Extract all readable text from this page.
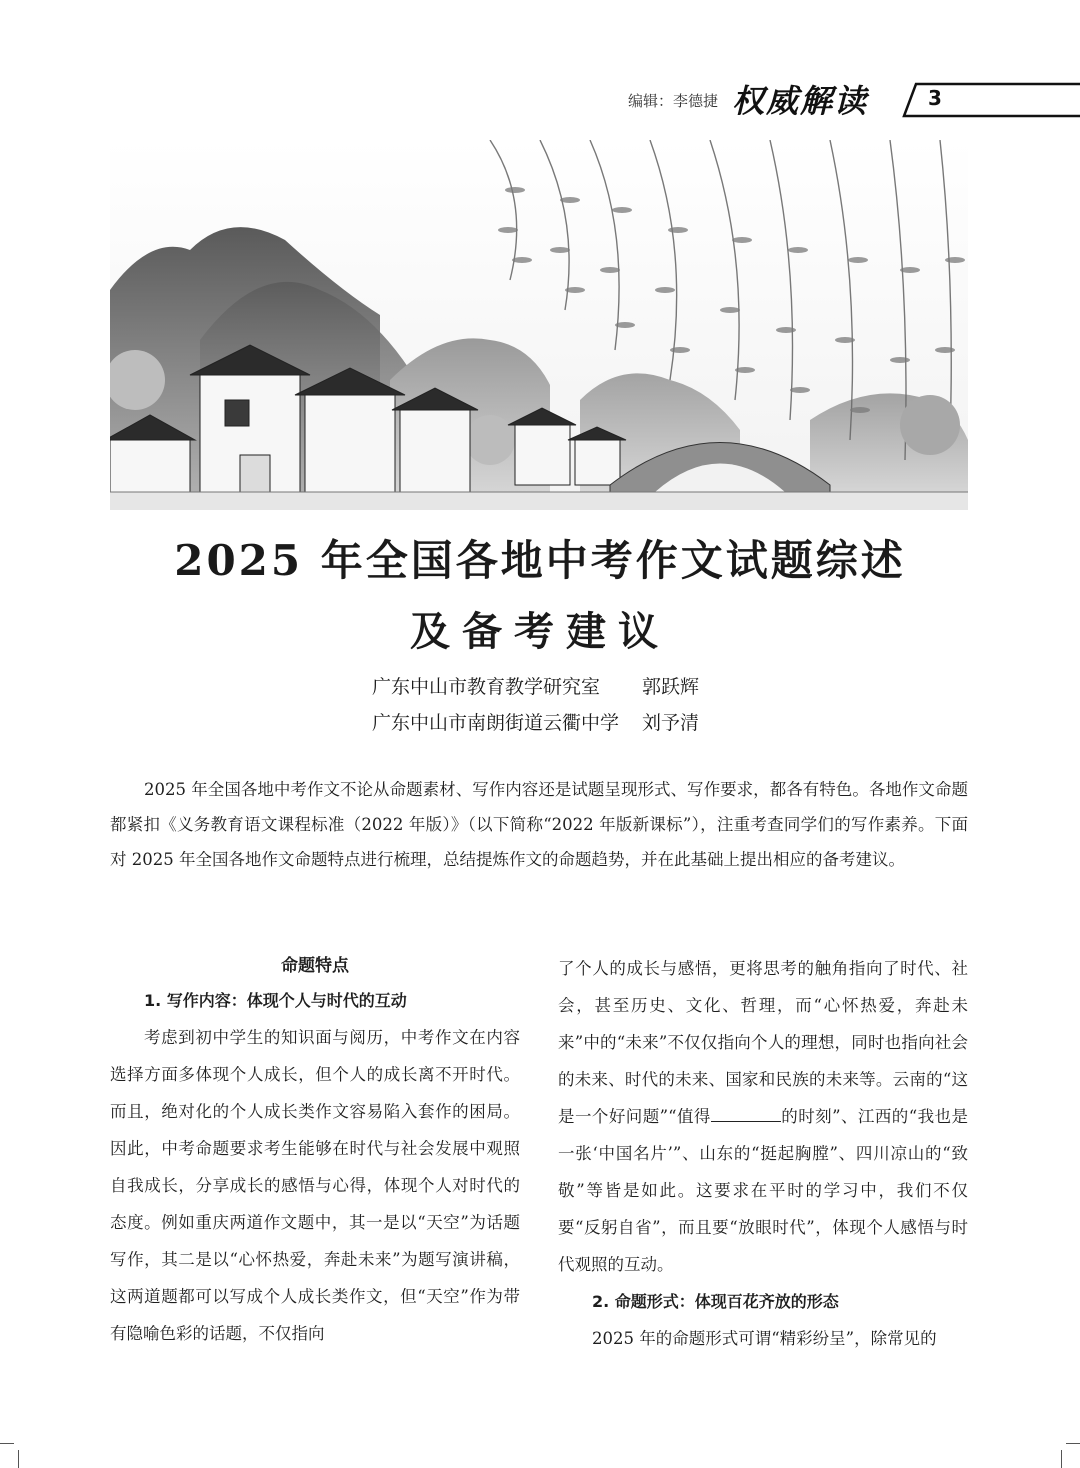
编辑：李德捷 权威解读	3
2025 年全国各地中考作文试题综述
及备考建议
广东中山市教育教学研究室 郭跃辉
广东中山市南朗街道云衢中学 刘予清
2025 年全国各地中考作文不论从命题素材、写作内容还是试题呈现形式、写作要求，都各有特色。各地作文命题都紧扣《义务教育语文课程标准（2022 年版）》（以下简称“2022 年版新课标”），注重考查同学们的写作素养。下面对 2025 年全国各地作文命题特点进行梳理，总结提炼作文的命题趋势，并在此基础上提出相应的备考建议。
命题特点
1. 写作内容：体现个人与时代的互动

考虑到初中学生的知识面与阅历，中考作文在内容选择方面多体现个人成长，但个人的成长离不开时代。而且，绝对化的个人成长类作文容易陷入套作的困局。因此，中考命题要求考生能够在时代与社会发展中观照自我成长，分享成长的感悟与心得，体现个人对时代的态度。例如重庆两道作文题中，其一是以“天空”为话题写作，其二是以“心怀热爱，奔赴未来”为题写演讲稿，这两道题都可以写成个人成长类作文，但“天空”作为带有隐喻色彩的话题，不仅指向

了个人的成长与感悟，更将思考的触角指向了时代、社会，甚至历史、文化、哲理，而“心怀热爱，奔赴未来”中的“未来”不仅仅指向个人的理想，同时也指向社会的未来、时代的未来、国家和民族的未来等。云南的“这是一个好问题”“值得	的时刻”、江西的“我也是一张‘中国名片’”、山东的“挺起胸膛”、四川凉山的“致敬”等皆是如此。这要求在平时的学习中，我们不仅要“反躬自省”，而且要“放眼时代”，体现个人感悟与时代观照的互动。

2. 命题形式：体现百花齐放的形态

2025 年的命题形式可谓“精彩纷呈”，除常见的
